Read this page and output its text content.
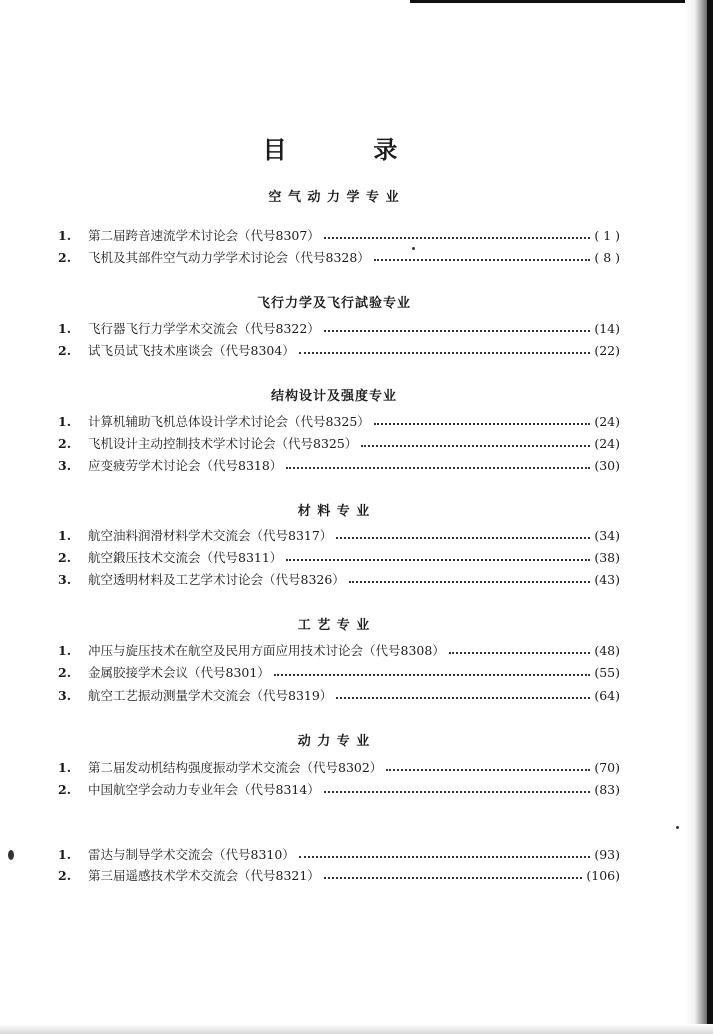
目	录
空 气 动 力 学 专 业
1.	第二届跨音速流学术讨论会（代号8307）	( 1 )
2.	飞机及其部件空气动力学学术讨论会（代号8328）	( 8 )
飞行力学及飞行試验专业
1.	飞行器飞行力学学术交流会（代号8322）	(14)
2.	试飞员试飞技术座谈会（代号8304）	(22)
结构设计及强度专业
1.	计算机辅助飞机总体设计学术讨论会（代号8325）	(24)
2.	飞机设计主动控制技术学术讨论会（代号8325）	(24)
3.	应变疲劳学术讨论会（代号8318）	(30)
材 料 专 业
1.	航空油料润滑材料学术交流会（代号8317）	(34)
2.	航空鍛压技术交流会（代号8311）	(38)
3.	航空透明材料及工艺学术讨论会（代号8326）	(43)
工 艺 专 业
1.	冲压与旋压技术在航空及民用方面应用技术讨论会（代号8308）	(48)
2.	金属胶接学术会议（代号8301）	(55)
3.	航空工艺振动测量学术交流会（代号8319）	(64)
动 力 专 业
1.	第二届发动机结构强度振动学术交流会（代号8302）	(70)
2.	中国航空学会动力专业年会（代号8314）	(83)
1.	雷达与制导学术交流会（代号8310）	(93)
2.	第三届遥感技术学术交流会（代号8321）	(106)
